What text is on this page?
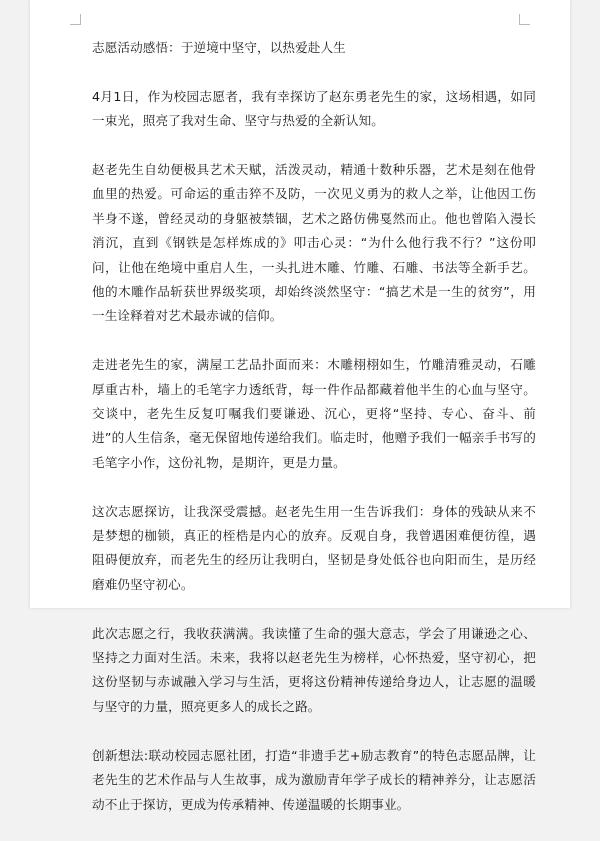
志愿活动感悟：于逆境中坚守，以热爱赴人生

4月1日，作为校园志愿者，我有幸探访了赵东勇老先生的家，这场相遇，如同一束光，照亮了我对生命、坚守与热爱的全新认知。

赵老先生自幼便极具艺术天赋，活泼灵动，精通十数种乐器，艺术是刻在他骨血里的热爱。可命运的重击猝不及防，一次见义勇为的救人之举，让他因工伤半身不遂，曾经灵动的身躯被禁锢，艺术之路仿佛戛然而止。他也曾陷入漫长消沉，直到《钢铁是怎样炼成的》叩击心灵：“为什么他行我不行？”这份叩问，让他在绝境中重启人生，一头扎进木雕、竹雕、石雕、书法等全新手艺。他的木雕作品斩获世界级奖项，却始终淡然坚守：“搞艺术是一生的贫穷”，用一生诠释着对艺术最赤诚的信仰。

走进老先生的家，满屋工艺品扑面而来：木雕栩栩如生，竹雕清雅灵动，石雕厚重古朴，墙上的毛笔字力透纸背，每一件作品都藏着他半生的心血与坚守。交谈中，老先生反复叮嘱我们要谦逊、沉心，更将“坚持、专心、奋斗、前进”的人生信条，毫无保留地传递给我们。临走时，他赠予我们一幅亲手书写的毛笔字小作，这份礼物，是期许，更是力量。

这次志愿探访，让我深受震撼。赵老先生用一生告诉我们：身体的残缺从来不是梦想的枷锁，真正的桎梏是内心的放弃。反观自身，我曾遇困难便彷徨，遇阻碍便放弃，而老先生的经历让我明白，坚韧是身处低谷也向阳而生，是历经磨难仍坚守初心。

此次志愿之行，我收获满满。我读懂了生命的强大意志，学会了用谦逊之心、坚持之力面对生活。未来，我将以赵老先生为榜样，心怀热爱，坚守初心，把这份坚韧与赤诚融入学习与生活，更将这份精神传递给身边人，让志愿的温暖与坚守的力量，照亮更多人的成长之路。

创新想法:联动校园志愿社团，打造“非遗手艺+励志教育”的特色志愿品牌，让老先生的艺术作品与人生故事，成为激励青年学子成长的精神养分，让志愿活动不止于探访，更成为传承精神、传递温暖的长期事业。
